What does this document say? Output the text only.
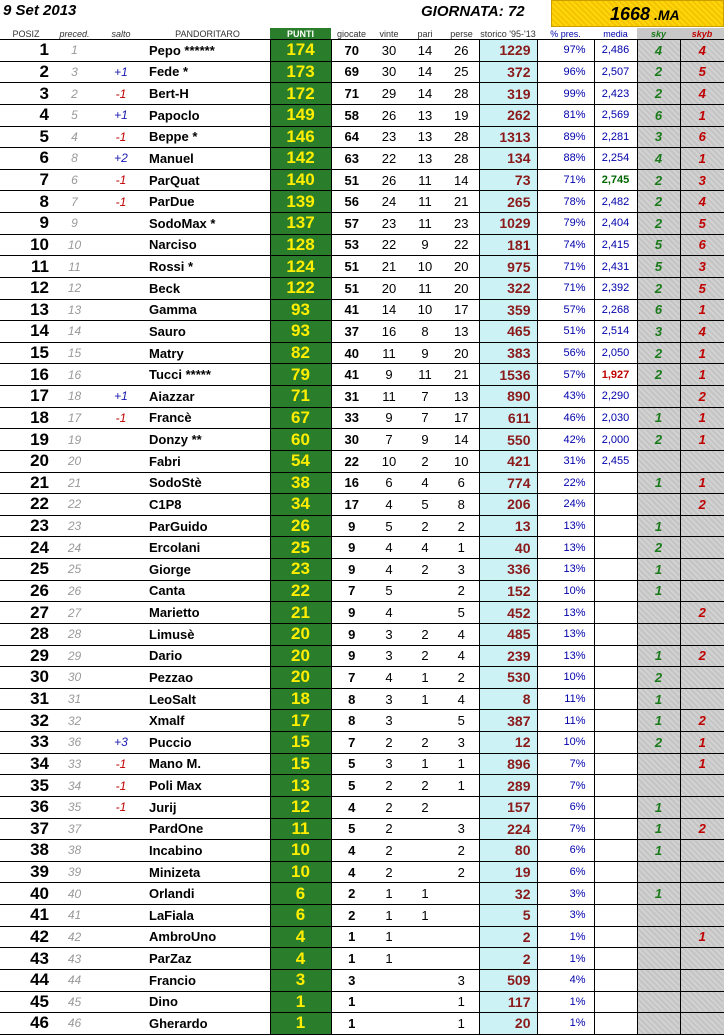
9 Set 2013	GIORNATA: 72	1668 .MA
POSIZ	preced.	salto	PANDORITARO	PUNTI	giocate	vinte	pari	perse	storico '95-'13	% pres.	media	sky	skyb
1	1		Pepo ******	174	70	30	14	26	1229	97%	2,486	4	4
2	3	+1	Fede *	173	69	30	14	25	372	96%	2,507	2	5
3	2	-1	Bert-H	172	71	29	14	28	319	99%	2,423	2	4
4	5	+1	Papoclo	149	58	26	13	19	262	81%	2,569	6	1
5	4	-1	Beppe *	146	64	23	13	28	1313	89%	2,281	3	6
6	8	+2	Manuel	142	63	22	13	28	134	88%	2,254	4	1
7	6	-1	ParQuat	140	51	26	11	14	73	71%	2,745	2	3
8	7	-1	ParDue	139	56	24	11	21	265	78%	2,482	2	4
9	9		SodoMax *	137	57	23	11	23	1029	79%	2,404	2	5
10	10		Narciso	128	53	22	9	22	181	74%	2,415	5	6
11	11		Rossi *	124	51	21	10	20	975	71%	2,431	5	3
12	12		Beck	122	51	20	11	20	322	71%	2,392	2	5
13	13		Gamma	93	41	14	10	17	359	57%	2,268	6	1
14	14		Sauro	93	37	16	8	13	465	51%	2,514	3	4
15	15		Matry	82	40	11	9	20	383	56%	2,050	2	1
16	16		Tucci *****	79	41	9	11	21	1536	57%	1,927	2	1
17	18	+1	Aiazzar	71	31	11	7	13	890	43%	2,290		2
18	17	-1	Francè	67	33	9	7	17	611	46%	2,030	1	1
19	19		Donzy **	60	30	7	9	14	550	42%	2,000	2	1
20	20		Fabri	54	22	10	2	10	421	31%	2,455		
21	21		SodoStè	38	16	6	4	6	774	22%		1	1
22	22		C1P8	34	17	4	5	8	206	24%			2
23	23		ParGuido	26	9	5	2	2	13	13%		1	
24	24		Ercolani	25	9	4	4	1	40	13%		2	
25	25		Giorge	23	9	4	2	3	336	13%		1	
26	26		Canta	22	7	5		2	152	10%		1	
27	27		Marietto	21	9	4		5	452	13%			2
28	28		Limusè	20	9	3	2	4	485	13%			
29	29		Dario	20	9	3	2	4	239	13%		1	2
30	30		Pezzao	20	7	4	1	2	530	10%		2	
31	31		LeoSalt	18	8	3	1	4	8	11%		1	
32	32		Xmalf	17	8	3		5	387	11%		1	2
33	36	+3	Puccio	15	7	2	2	3	12	10%		2	1
34	33	-1	Mano M.	15	5	3	1	1	896	7%			1
35	34	-1	Poli Max	13	5	2	2	1	289	7%			
36	35	-1	Jurij	12	4	2	2		157	6%		1	
37	37		PardOne	11	5	2		3	224	7%		1	2
38	38		Incabino	10	4	2		2	80	6%		1	
39	39		Minizeta	10	4	2		2	19	6%			
40	40		Orlandi	6	2	1	1		32	3%		1	
41	41		LaFiala	6	2	1	1		5	3%			
42	42		AmbroUno	4	1	1			2	1%			1
43	43		ParZaz	4	1	1			2	1%			
44	44		Francio	3	3			3	509	4%			
45	45		Dino	1	1			1	117	1%			
46	46		Gherardo	1	1			1	20	1%			
